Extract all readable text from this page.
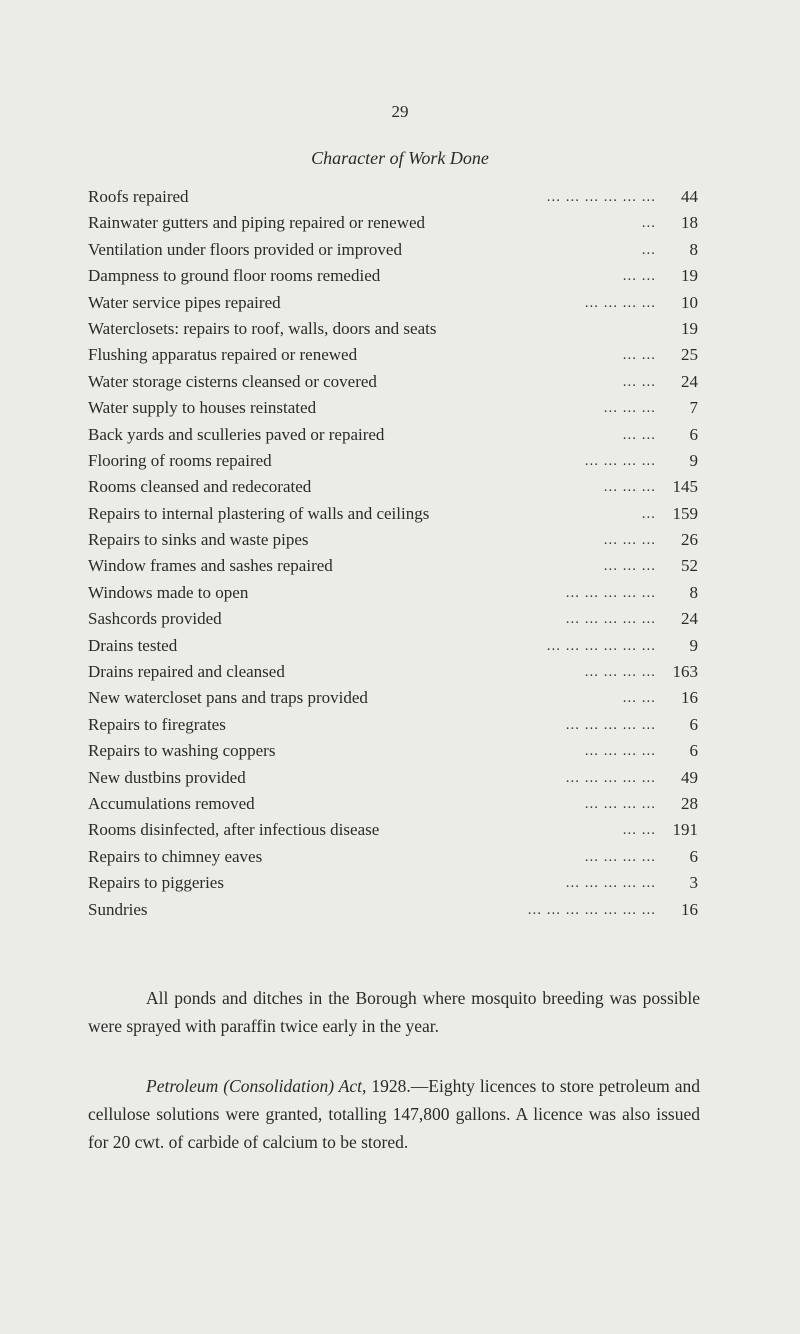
29
Character of Work Done
Roofs repaired	... ... ... ... ... ...	44
Rainwater gutters and piping repaired or renewed	...	18
Ventilation under floors provided or improved	...	8
Dampness to ground floor rooms remedied	... ...	19
Water service pipes repaired	... ... ... ...	10
Waterclosets: repairs to roof, walls, doors and seats	19
Flushing apparatus repaired or renewed	... ...	25
Water storage cisterns cleansed or covered	... ...	24
Water supply to houses reinstated	... ... ...	7
Back yards and sculleries paved or repaired	... ...	6
Flooring of rooms repaired	... ... ... ...	9
Rooms cleansed and redecorated	... ... ... 145
Repairs to internal plastering of walls and ceilings	... 159
Repairs to sinks and waste pipes	... ... ...	26
Window frames and sashes repaired	... ... ...	52
Windows made to open	... ... ... ... ...	8
Sashcords provided	... ... ... ... ...	24
Drains tested	... ... ... ... ... ...	9
Drains repaired and cleansed	... ... ... ... 163
New watercloset pans and traps provided	... ...	16
Repairs to firegrates	... ... ... ... ...	6
Repairs to washing coppers	... ... ... ...	6
New dustbins provided	... ... ... ... ...	49
Accumulations removed	... ... ... ...	28
Rooms disinfected, after infectious disease	... ... 191
Repairs to chimney eaves	... ... ... ...	6
Repairs to piggeries	... ... ... ... ...	3
Sundries	... ... ... ... ... ... ...	16

All ponds and ditches in the Borough where mosquito breeding was possible were sprayed with paraffin twice early in the year.

Petroleum (Consolidation) Act, 1928.—Eighty licences to store petroleum and cellulose solutions were granted, totalling 147,800 gallons. A licence was also issued for 20 cwt. of carbide of calcium to be stored.
